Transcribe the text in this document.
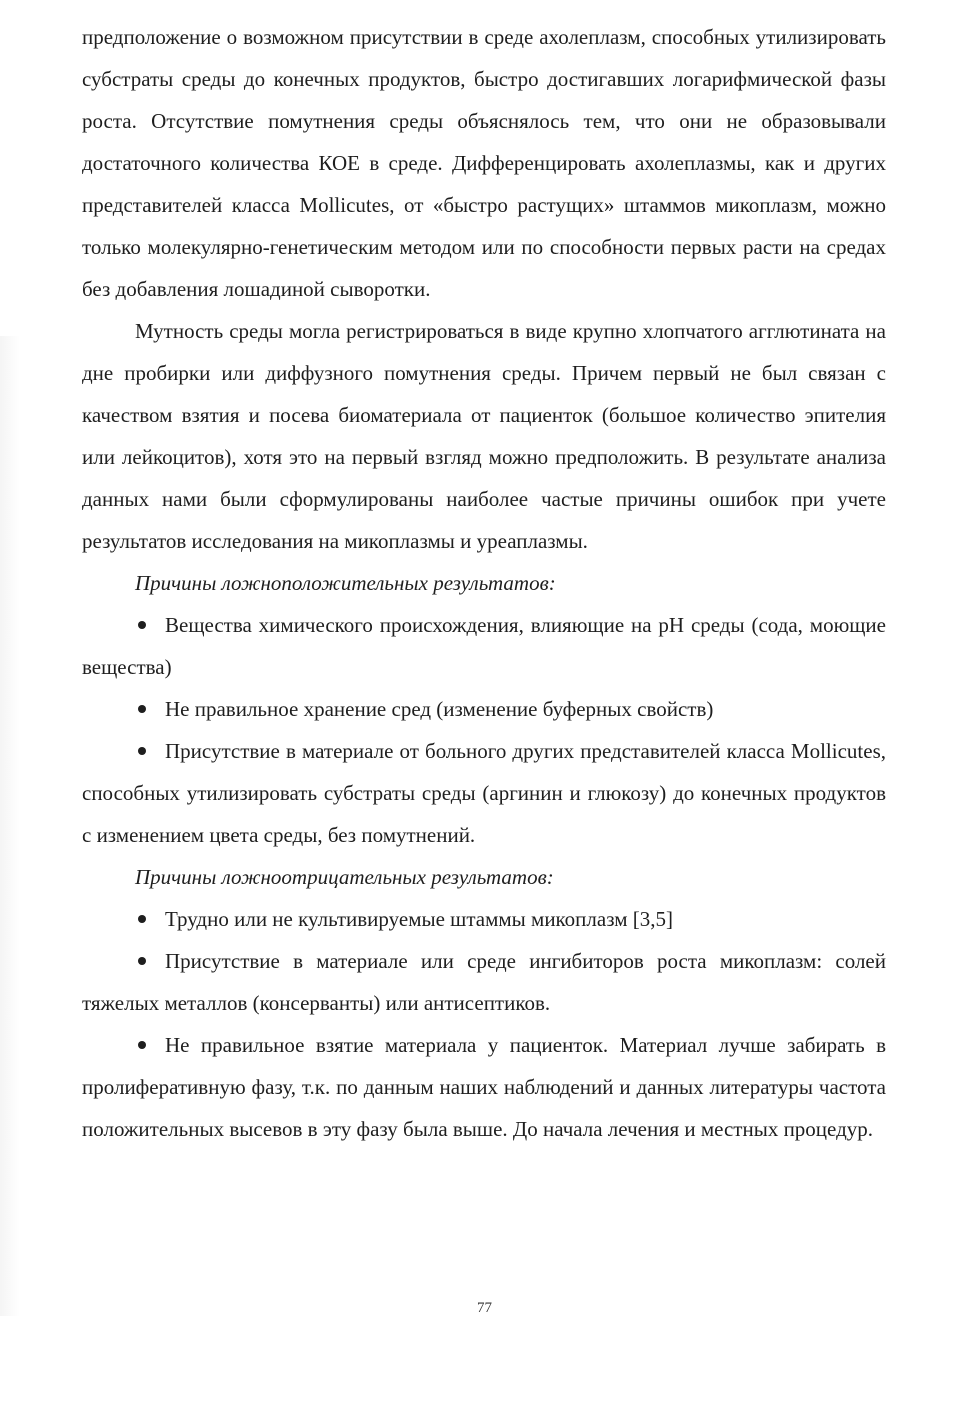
предположение о возможном присутствии в среде ахолеплазм, способных утилизировать субстраты среды до конечных продуктов, быстро достигавших логарифмической фазы роста. Отсутствие помутнения среды объяснялось тем, что они не образовывали достаточного количества КОЕ в среде. Дифференцировать ахолеплазмы, как и других представителей класса Mollicutes, от «быстро растущих» штаммов микоплазм, можно только молекулярно-генетическим методом или по способности первых расти на средах без добавления лошадиной сыворотки.

Мутность среды могла регистрироваться в виде крупно хлопчатого агглютината на дне пробирки или диффузного помутнения среды. Причем первый не был связан с качеством взятия и посева биоматериала от пациенток (большое количество эпителия или лейкоцитов), хотя это на первый взгляд можно предположить. В результате анализа данных нами были сформулированы наиболее частые причины ошибок при учете результатов исследования на микоплазмы и уреаплазмы.

Причины ложноположительных результатов:

Вещества химического происхождения, влияющие на pH среды (сода, моющие вещества)

Не правильное хранение сред (изменение буферных свойств)

Присутствие в материале от больного других представителей класса Mollicutes, способных утилизировать субстраты среды (аргинин и глюкозу) до конечных продуктов с изменением цвета среды, без помутнений.

Причины ложноотрицательных результатов:

Трудно или не культивируемые штаммы микоплазм [3,5]

Присутствие в материале или среде ингибиторов роста микоплазм: солей тяжелых металлов (консерванты) или антисептиков.

Не правильное взятие материала у пациенток. Материал лучше забирать в пролиферативную фазу, т.к. по данным наших наблюдений и данных литературы частота положительных высевов в эту фазу была выше. До начала лечения и местных процедур.

77
